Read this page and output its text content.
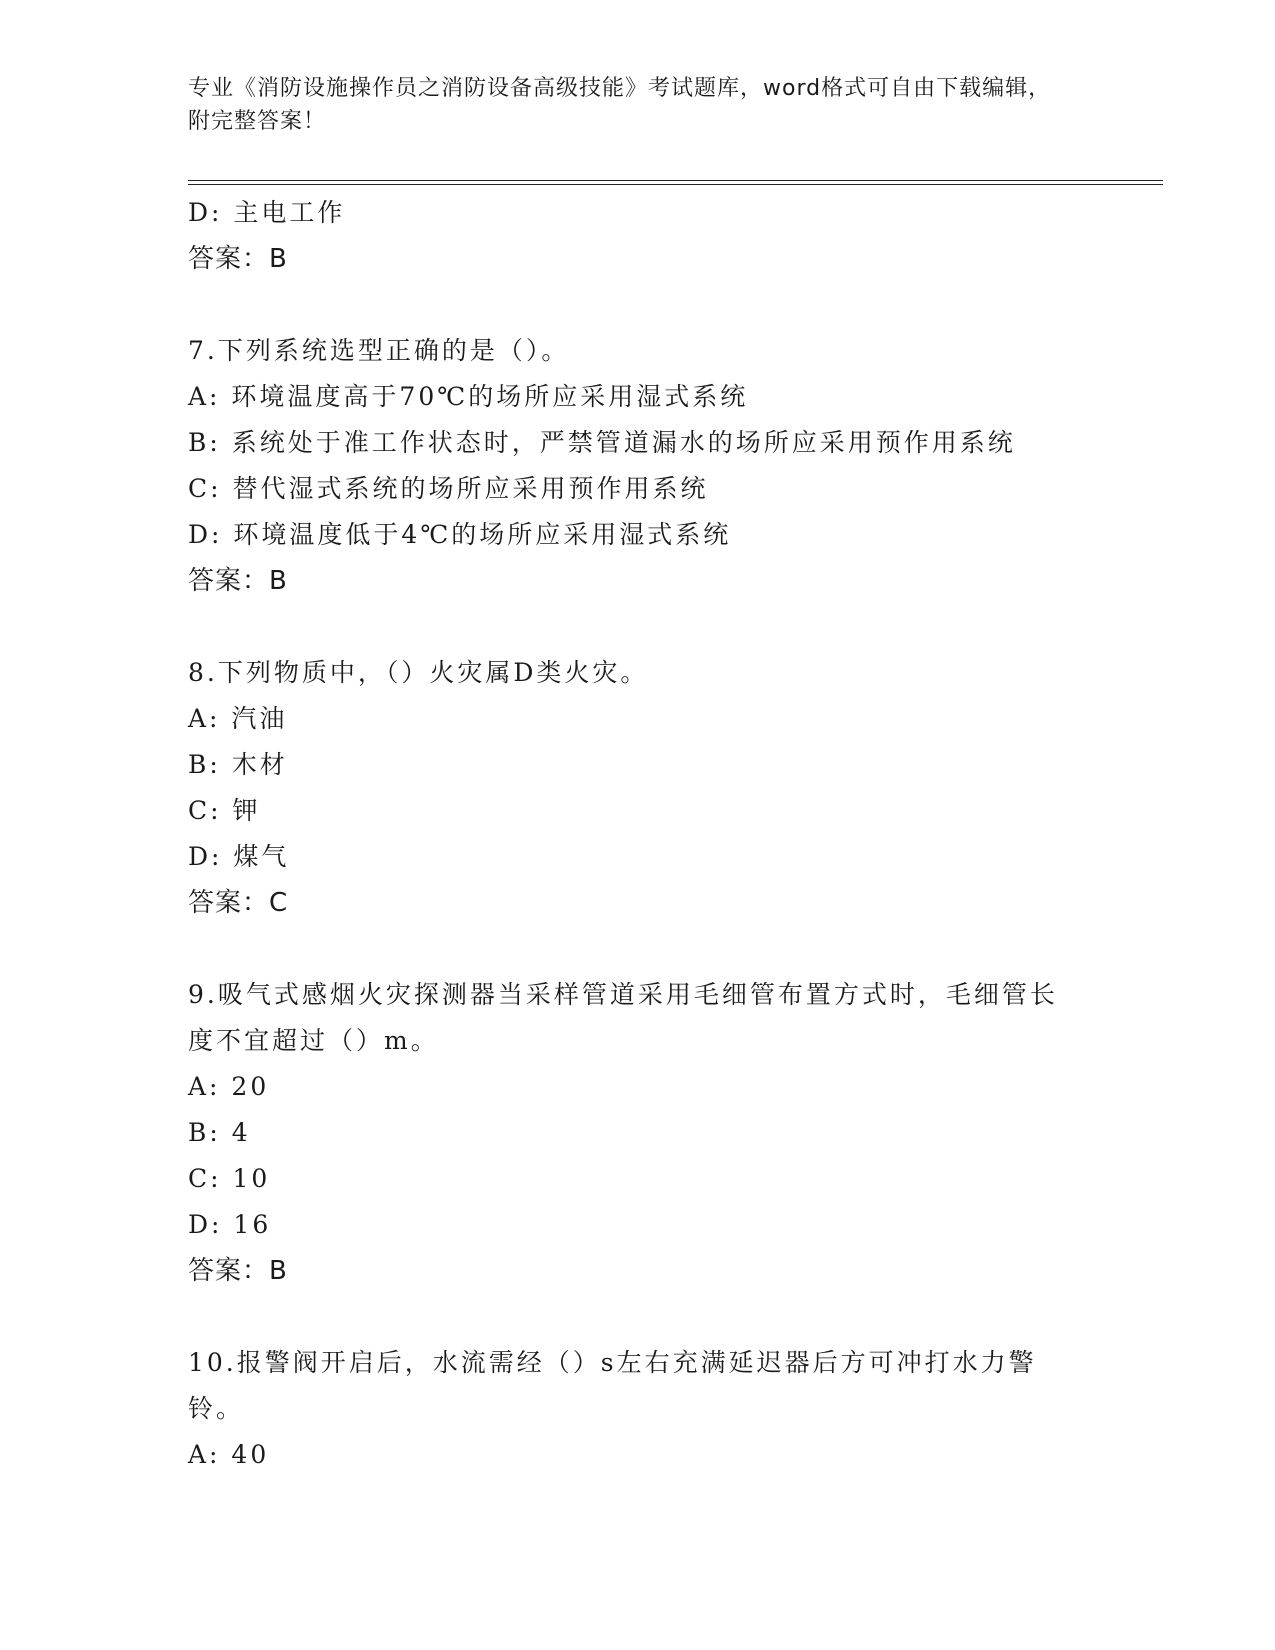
专业《消防设施操作员之消防设备高级技能》考试题库，word格式可自由下载编辑，附完整答案！
D: 主电工作
答案：B
7.下列系统选型正确的是（）。
A: 环境温度高于70℃的场所应采用湿式系统
B: 系统处于准工作状态时，严禁管道漏水的场所应采用预作用系统
C: 替代湿式系统的场所应采用预作用系统
D: 环境温度低于4℃的场所应采用湿式系统
答案：B
8.下列物质中，（）火灾属D类火灾。
A: 汽油
B: 木材
C: 钾
D: 煤气
答案：C
9.吸气式感烟火灾探测器当采样管道采用毛细管布置方式时，毛细管长度不宜超过（）m。
A: 20
B: 4
C: 10
D: 16
答案：B
10.报警阀开启后，水流需经（）s左右充满延迟器后方可冲打水力警铃。
A: 40
